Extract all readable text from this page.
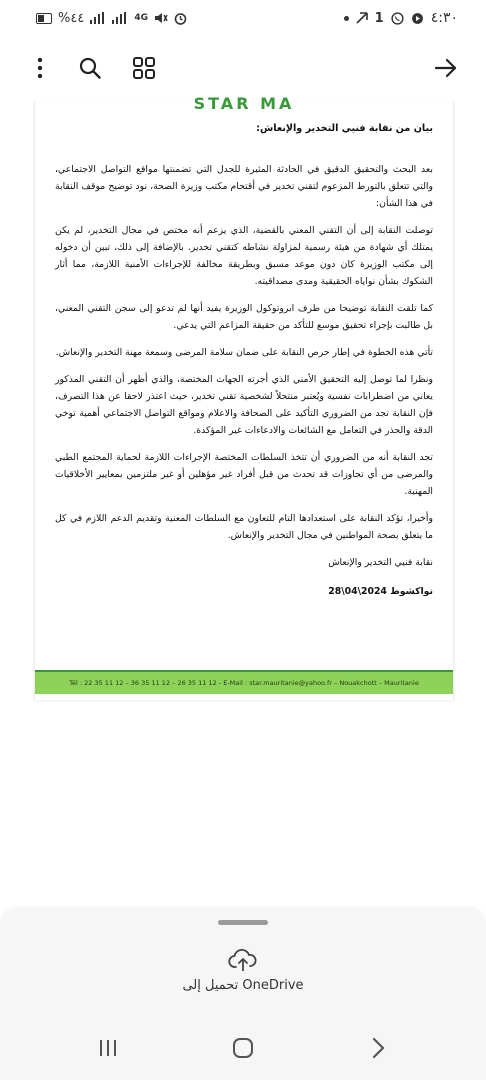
%٤٤	4G	1	٤:٣٠
STAR MA

بيان من نقابة فنيي التخدير والإنعاش:

بعد البحث والتحقيق الدقيق في الحادثة المثيرة للجدل التي تضمنتها مواقع التواصل الاجتماعي، والتي تتعلق بالتورط المزعوم لتقني تخدير في أقتحام مكتب وزيرة الصحة، نود توضيح موقف النقابة في هذا الشأن:

توصلت النقابة إلى أن التقني المعني بالقضية، الذي يزعم أنه مختص في مجال التخدير، لم يكن يمتلك أي شهادة من هيئة رسمية لمزاولة نشاطه كتقني تخدير. بالإضافة إلى ذلك، تبين أن دخوله إلى مكتب الوزيرة كان دون موعد مسبق وبطريقة مخالفة للإجراءات الأمنية اللازمة، مما أثار الشكوك بشأن نواياه الحقيقية ومدى مصداقيته.

كما تلقت النقابة توضيحا من طرف ابروتوكول الوزيرة يفيد أنها لم تدعو إلى سجن التقني المعني، بل طالبت بإجراء تحقيق موسع للتأكد من حقيقة المزاعم التي يدعي.

تأتي هذه الخطوة في إطار حرص النقابة على ضمان سلامة المرضى وسمعة مهنة التخدير والإنعاش.

ونظرا لما توصل إليه التحقيق الأمني الذي أجرته الجهات المختصة، والذي أظهر أن التقني المذكور يعاني من اضطرابات نفسية ويُعتبر منتحلاً لشخصية تقني تخدير، حيث اعتذر لاحقا عن هذا التصرف، فإن النقابة تجد من الضروري التأكيد على الصحافة والاعلام ومواقع التواصل الاجتماعي أهمية توخي الدقة والحذر في التعامل مع الشائعات والادعاءات غير المؤكدة.

تجد النقابة أنه من الضروري أن تتخذ السلطات المختصة الإجراءات اللازمة لحماية المجتمع الطبي والمرضى من أي تجاوزات قد تحدث من قبل أفراد غير مؤهلين أو غير ملتزمين بمعايير الأخلاقيات المهنية.

وأخيرا، تؤكد النقابة على استعدادها التام للتعاون مع السلطات المعنية وتقديم الدعم اللازم في كل ما يتعلق بصحة المواطنين في مجال التخدير والإنعاش.

نقابة فنيي التخدير والإنعاش

نواكشوط 2024\04\28

Tél : 22 35 11 12 – 36 35 11 12 – 26 35 11 12 - E-Mail : star.mauritanie@yahoo.fr – Nouakchott – Mauritanie
تحميل إلى OneDrive
